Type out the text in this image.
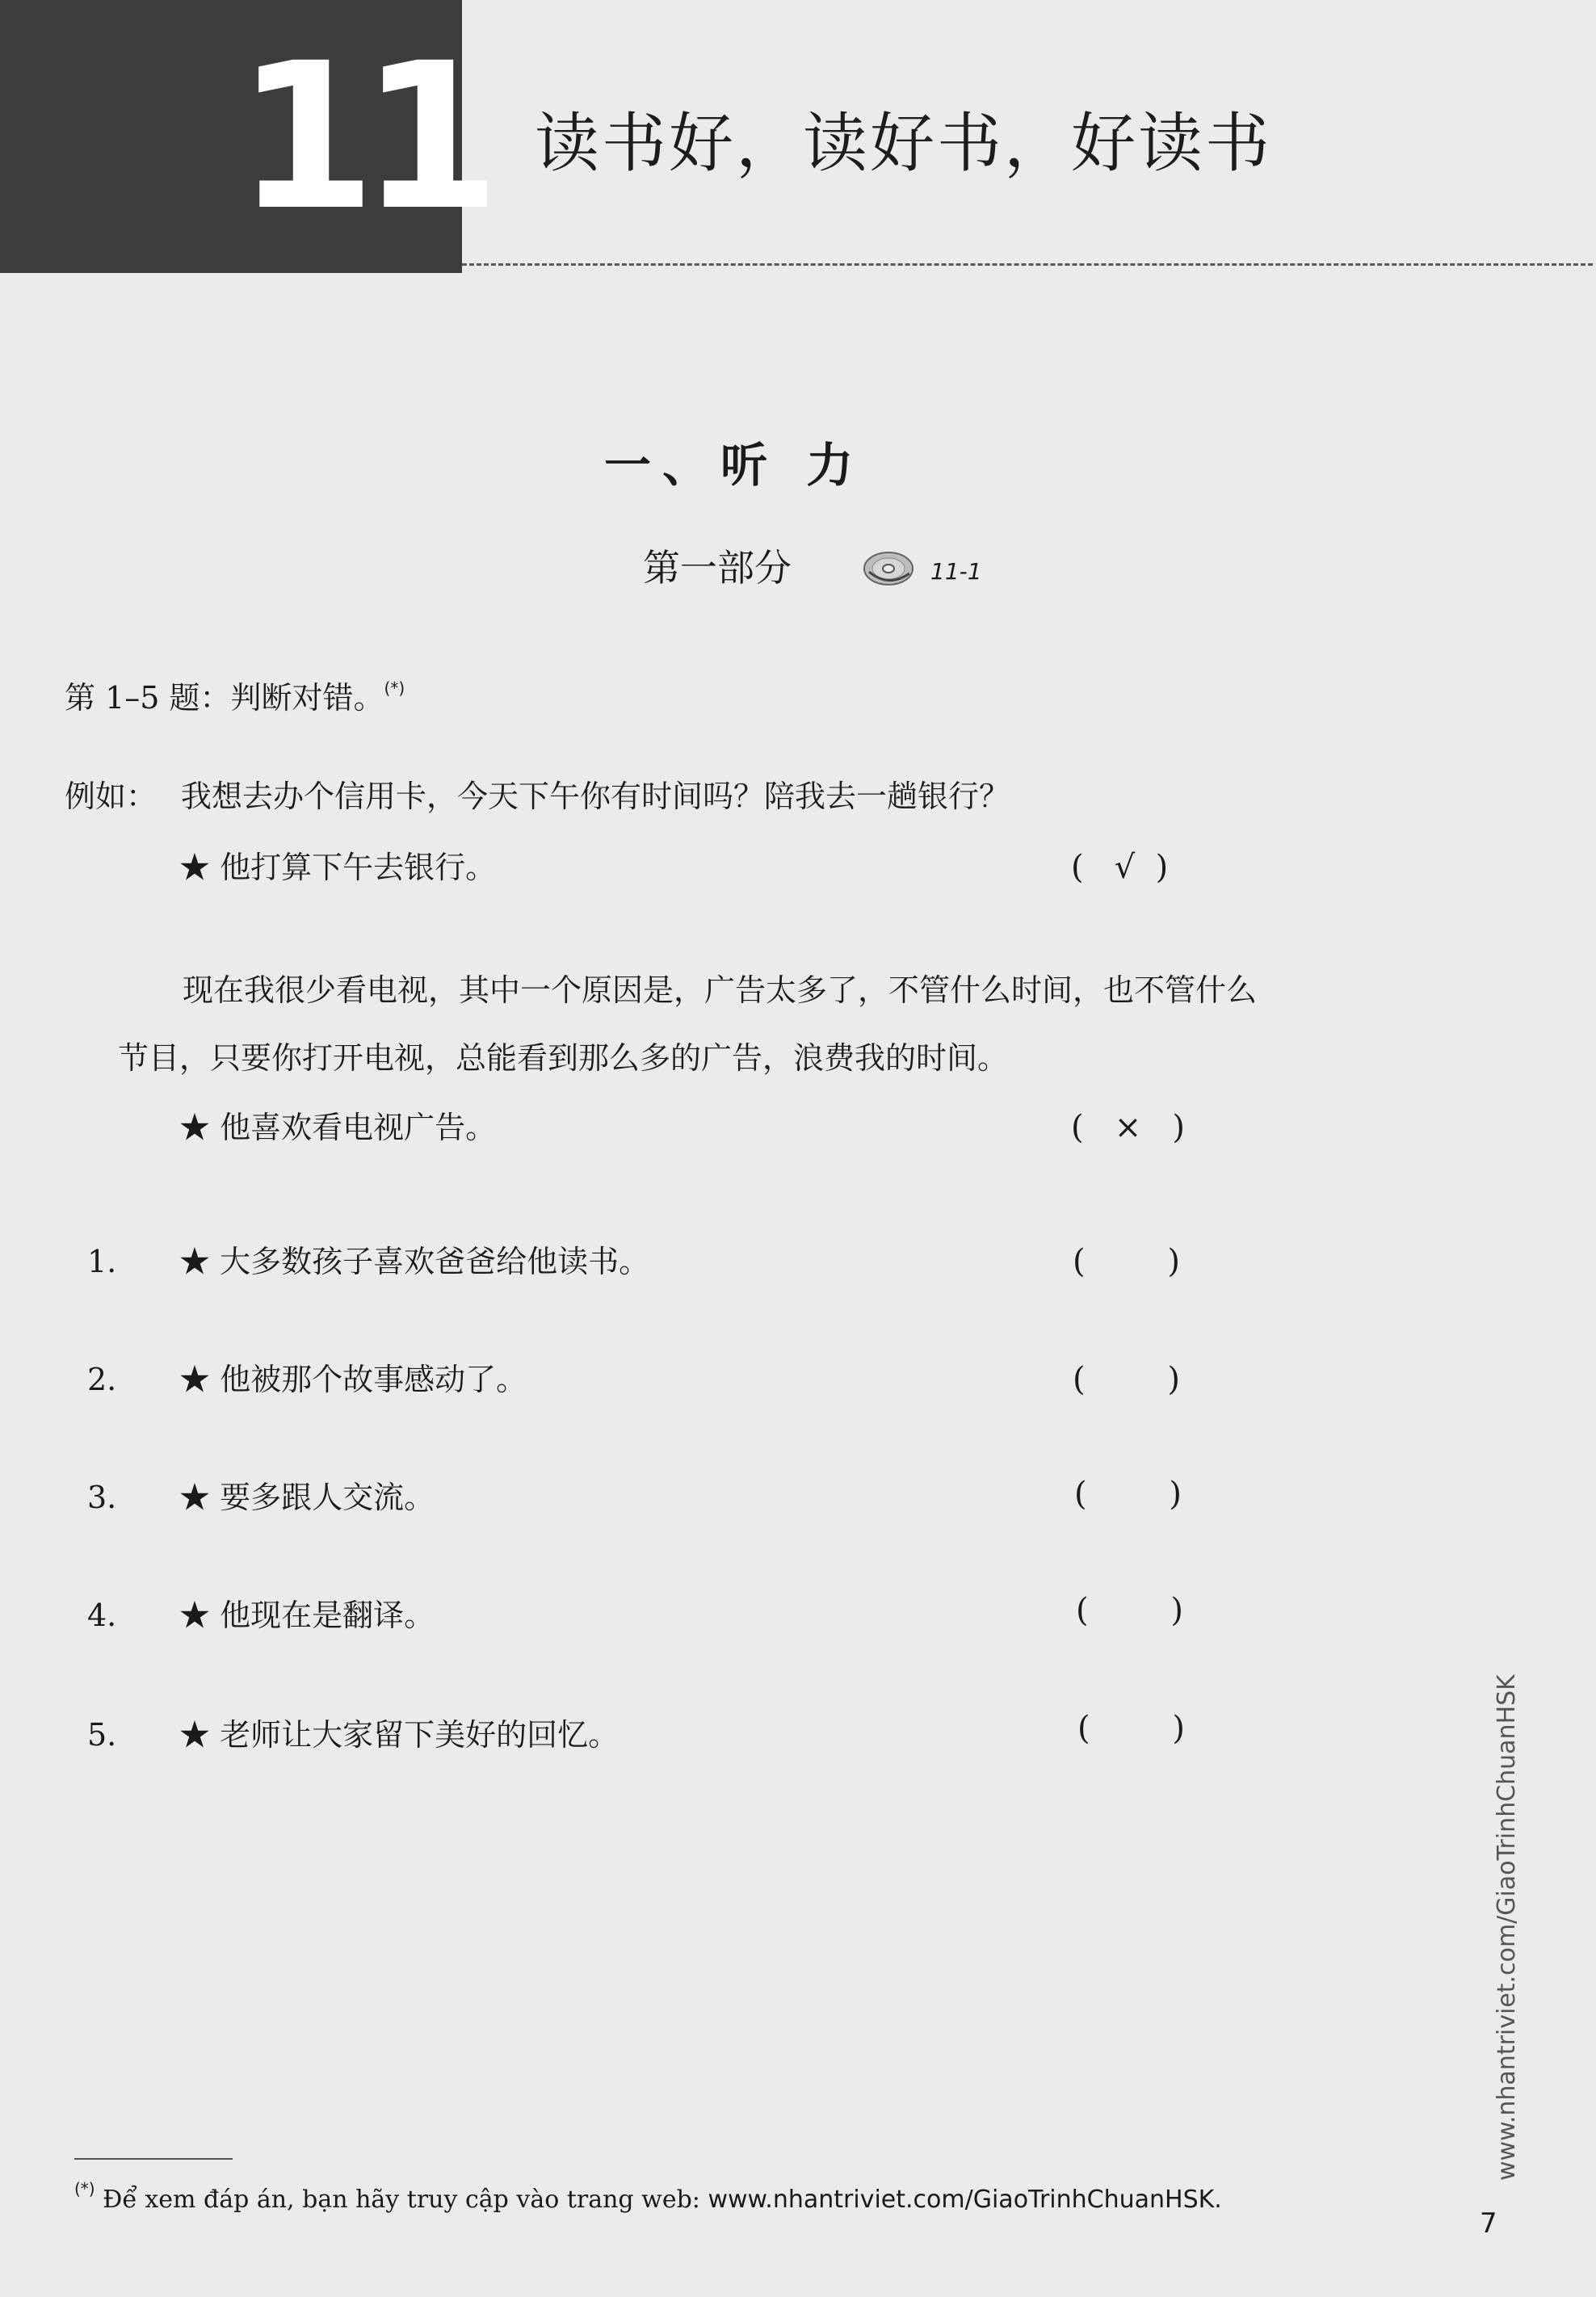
11 读书好，读好书，好读书
一、听 力
第一部分	11-1
第 1–5 题：判断对错。(*)
例如： 我想去办个信用卡，今天下午你有时间吗？陪我去一趟银行？
★ 他打算下午去银行。	(   √  )
现在我很少看电视，其中一个原因是，广告太多了，不管什么时间，也不管什么
节目，只要你打开电视，总能看到那么多的广告，浪费我的时间。
★ 他喜欢看电视广告。	(   ×   )
1. ★ 大多数孩子喜欢爸爸给他读书。	(        )
2. ★ 他被那个故事感动了。	(        )
3. ★ 要多跟人交流。	(        )
4. ★ 他现在是翻译。	(        )
5. ★ 老师让大家留下美好的回忆。	(        )
(*) Để xem đáp án, bạn hãy truy cập vào trang web: www.nhantriviet.com/GiaoTrinhChuanHSK.
www.nhantriviet.com/GiaoTrinhChuanHSK
7
